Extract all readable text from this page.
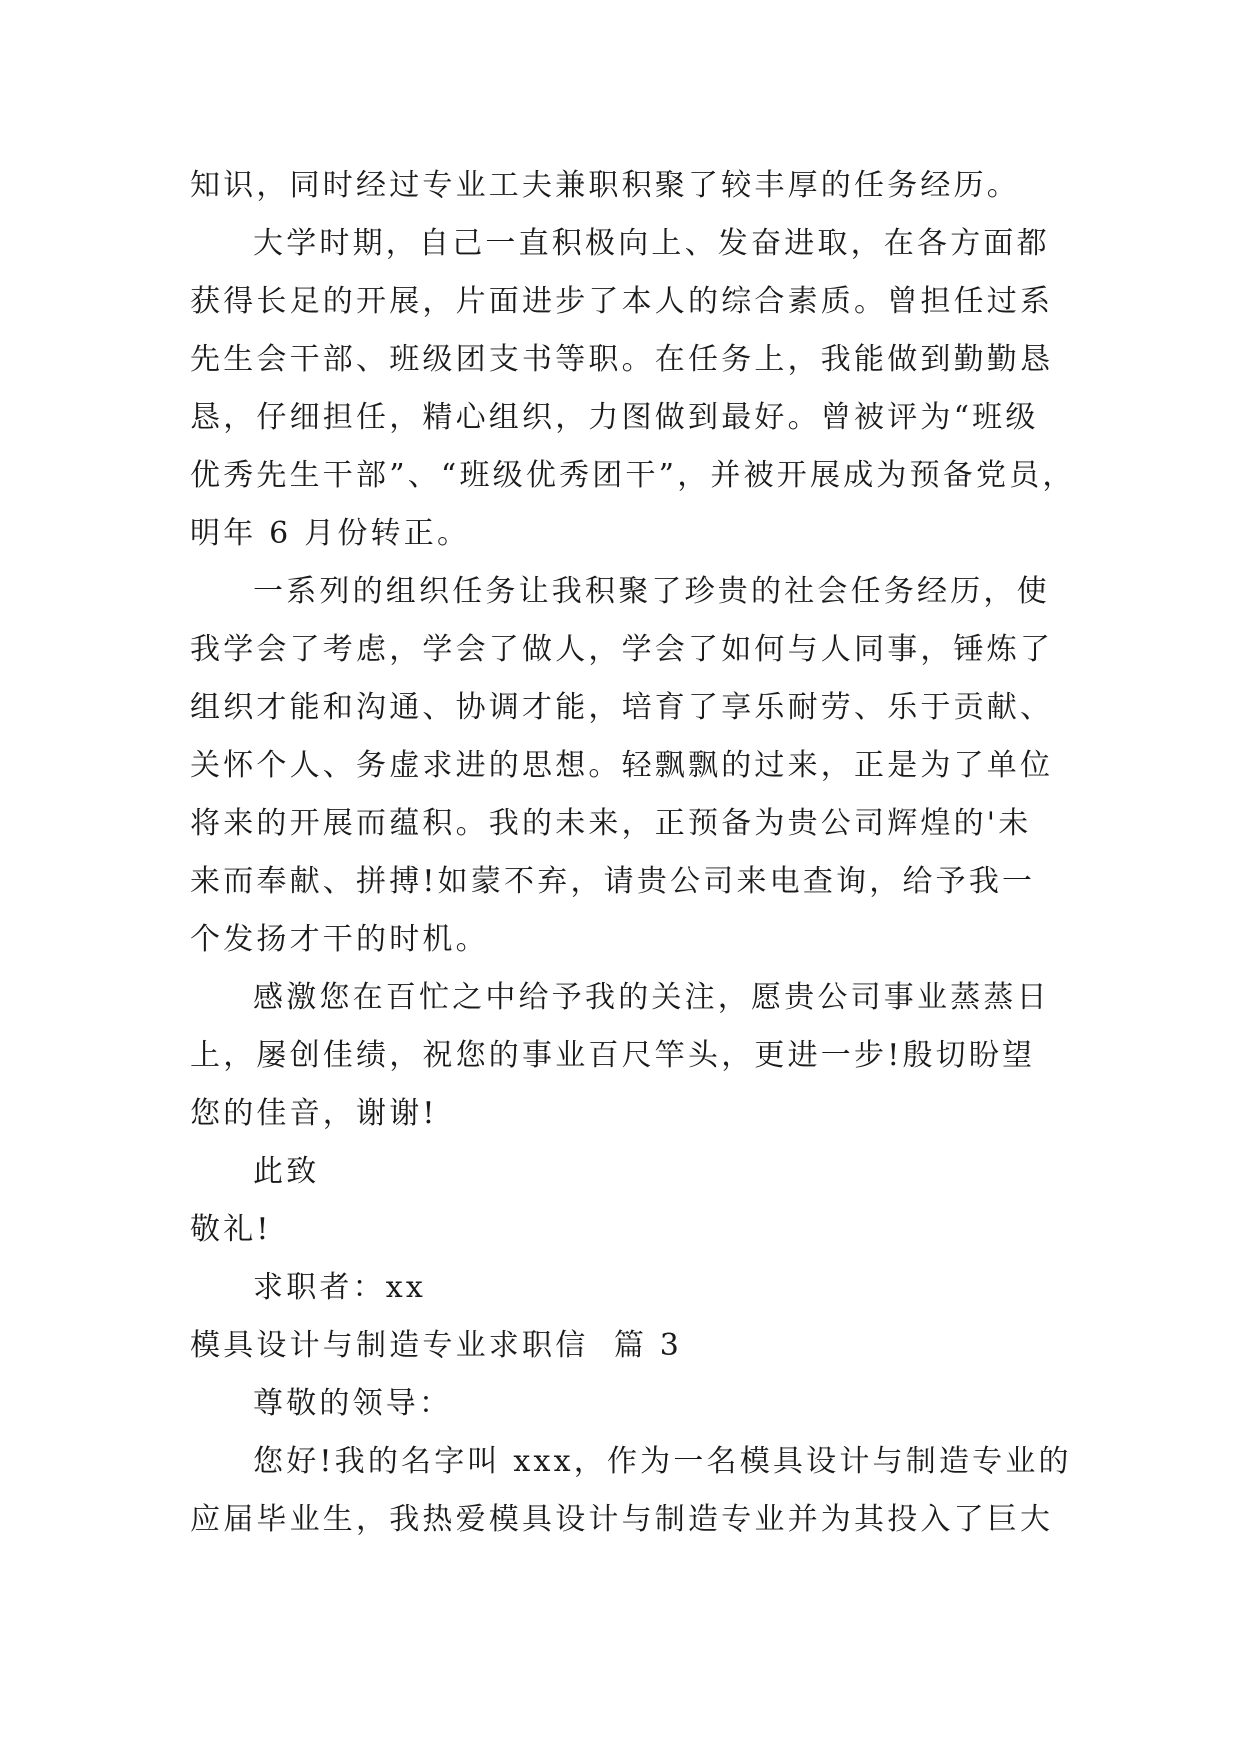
知识，同时经过专业工夫兼职积聚了较丰厚的任务经历。
大学时期，自己一直积极向上、发奋进取，在各方面都
获得长足的开展，片面进步了本人的综合素质。曾担任过系
先生会干部、班级团支书等职。在任务上，我能做到勤勤恳
恳，仔细担任，精心组织，力图做到最好。曾被评为“班级
优秀先生干部”、“班级优秀团干”，并被开展成为预备党员，
明年 6 月份转正。
一系列的组织任务让我积聚了珍贵的社会任务经历，使
我学会了考虑，学会了做人，学会了如何与人同事，锤炼了
组织才能和沟通、协调才能，培育了享乐耐劳、乐于贡献、
关怀个人、务虚求进的思想。轻飘飘的过来，正是为了单位
将来的开展而蕴积。我的未来，正预备为贵公司辉煌的'未
来而奉献、拼搏!如蒙不弃，请贵公司来电查询，给予我一
个发扬才干的时机。
感激您在百忙之中给予我的关注，愿贵公司事业蒸蒸日
上，屡创佳绩，祝您的事业百尺竿头，更进一步!殷切盼望
您的佳音，谢谢!
此致
敬礼!
求职者：xx
模具设计与制造专业求职信  篇 3
尊敬的领导：
您好!我的名字叫 xxx，作为一名模具设计与制造专业的
应届毕业生，我热爱模具设计与制造专业并为其投入了巨大
